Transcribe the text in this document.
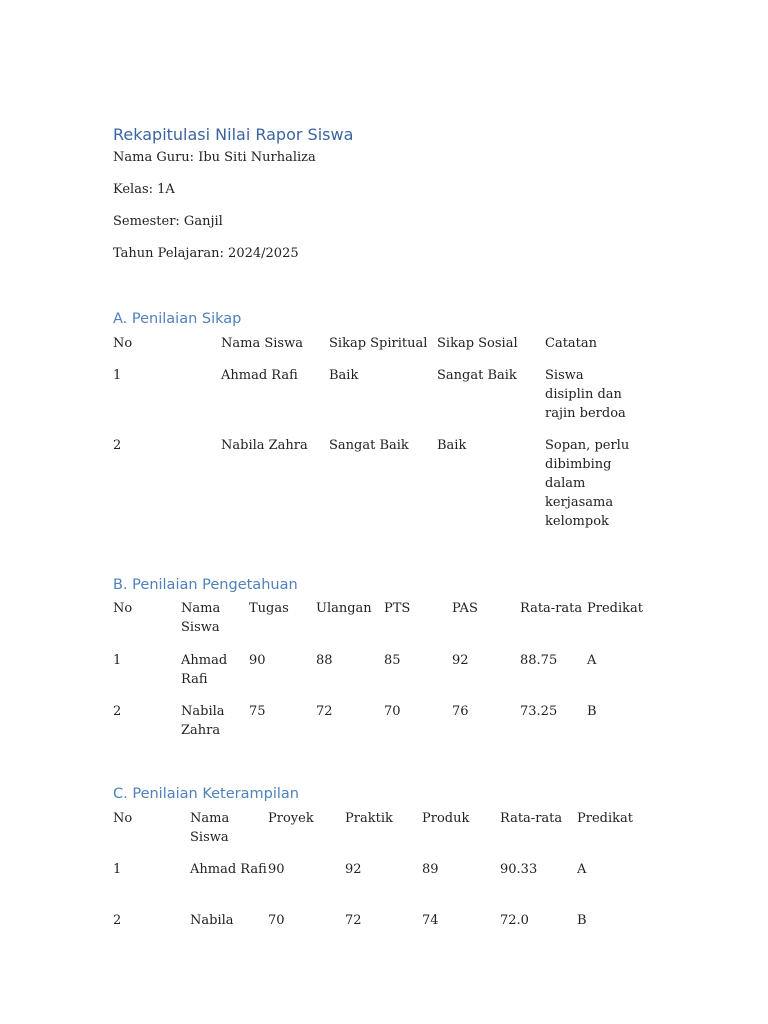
Rekapitulasi Nilai Rapor Siswa
Nama Guru: Ibu Siti Nurhaliza
Kelas: 1A
Semester: Ganjil
Tahun Pelajaran: 2024/2025
A. Penilaian Sikap
No	Nama Siswa	Sikap Spiritual	Sikap Sosial	Catatan
1	Ahmad Rafi	Baik	Sangat Baik	Siswa disiplin dan rajin berdoa
2	Nabila Zahra	Sangat Baik	Baik	Sopan, perlu dibimbing dalam kerjasama kelompok
B. Penilaian Pengetahuan
No	Nama Siswa	Tugas	Ulangan	PTS	PAS	Rata-rata	Predikat
1	Ahmad Rafi	90	88	85	92	88.75	A
2	Nabila Zahra	75	72	70	76	73.25	B
C. Penilaian Keterampilan
No	Nama Siswa	Proyek	Praktik	Produk	Rata-rata	Predikat
1	Ahmad Rafi	90	92	89	90.33	A
2	Nabila	70	72	74	72.0	B
